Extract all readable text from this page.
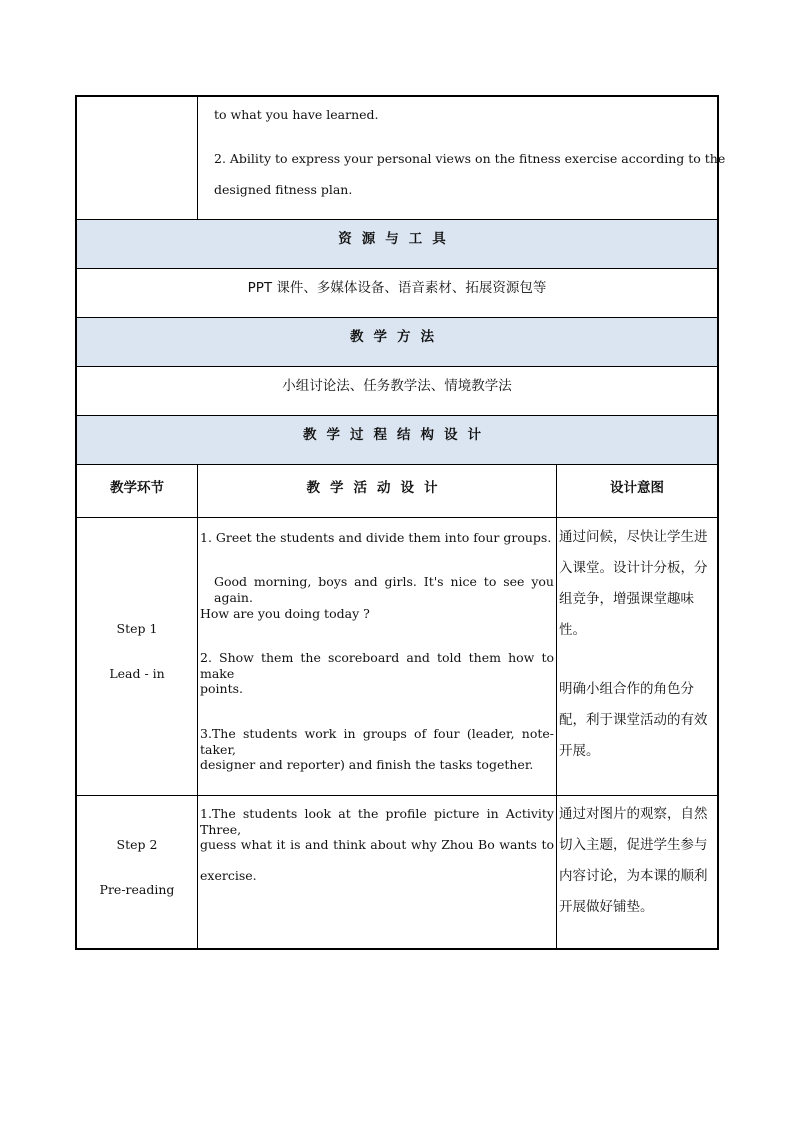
to what you have learned.
2. Ability to express your personal views on the fitness exercise according to the
designed fitness plan.
资源与工具
PPT 课件、多媒体设备、语音素材、拓展资源包等
教学方法
小组讨论法、任务教学法、情境教学法
教学过程结构设计
教学环节	教学活动设计	设计意图
Step 1
Lead - in
1. Greet the students and divide them into four groups.
Good morning, boys and girls. It's nice to see you again.
How are you doing today ?
2. Show them the scoreboard and told them how to make
points.
3.The students work in groups of four (leader, note-taker,
designer and reporter) and finish the tasks together.
通过问候，尽快让学生进入课堂。设计计分板，分组竞争，增强课堂趣味性。
明确小组合作的角色分配，利于课堂活动的有效开展。
Step 2
Pre-reading
1.The students look at the profile picture in Activity Three,
guess what it is and think about why Zhou Bo wants to
exercise.
通过对图片的观察，自然切入主题，促进学生参与内容讨论，为本课的顺利开展做好铺垫。
